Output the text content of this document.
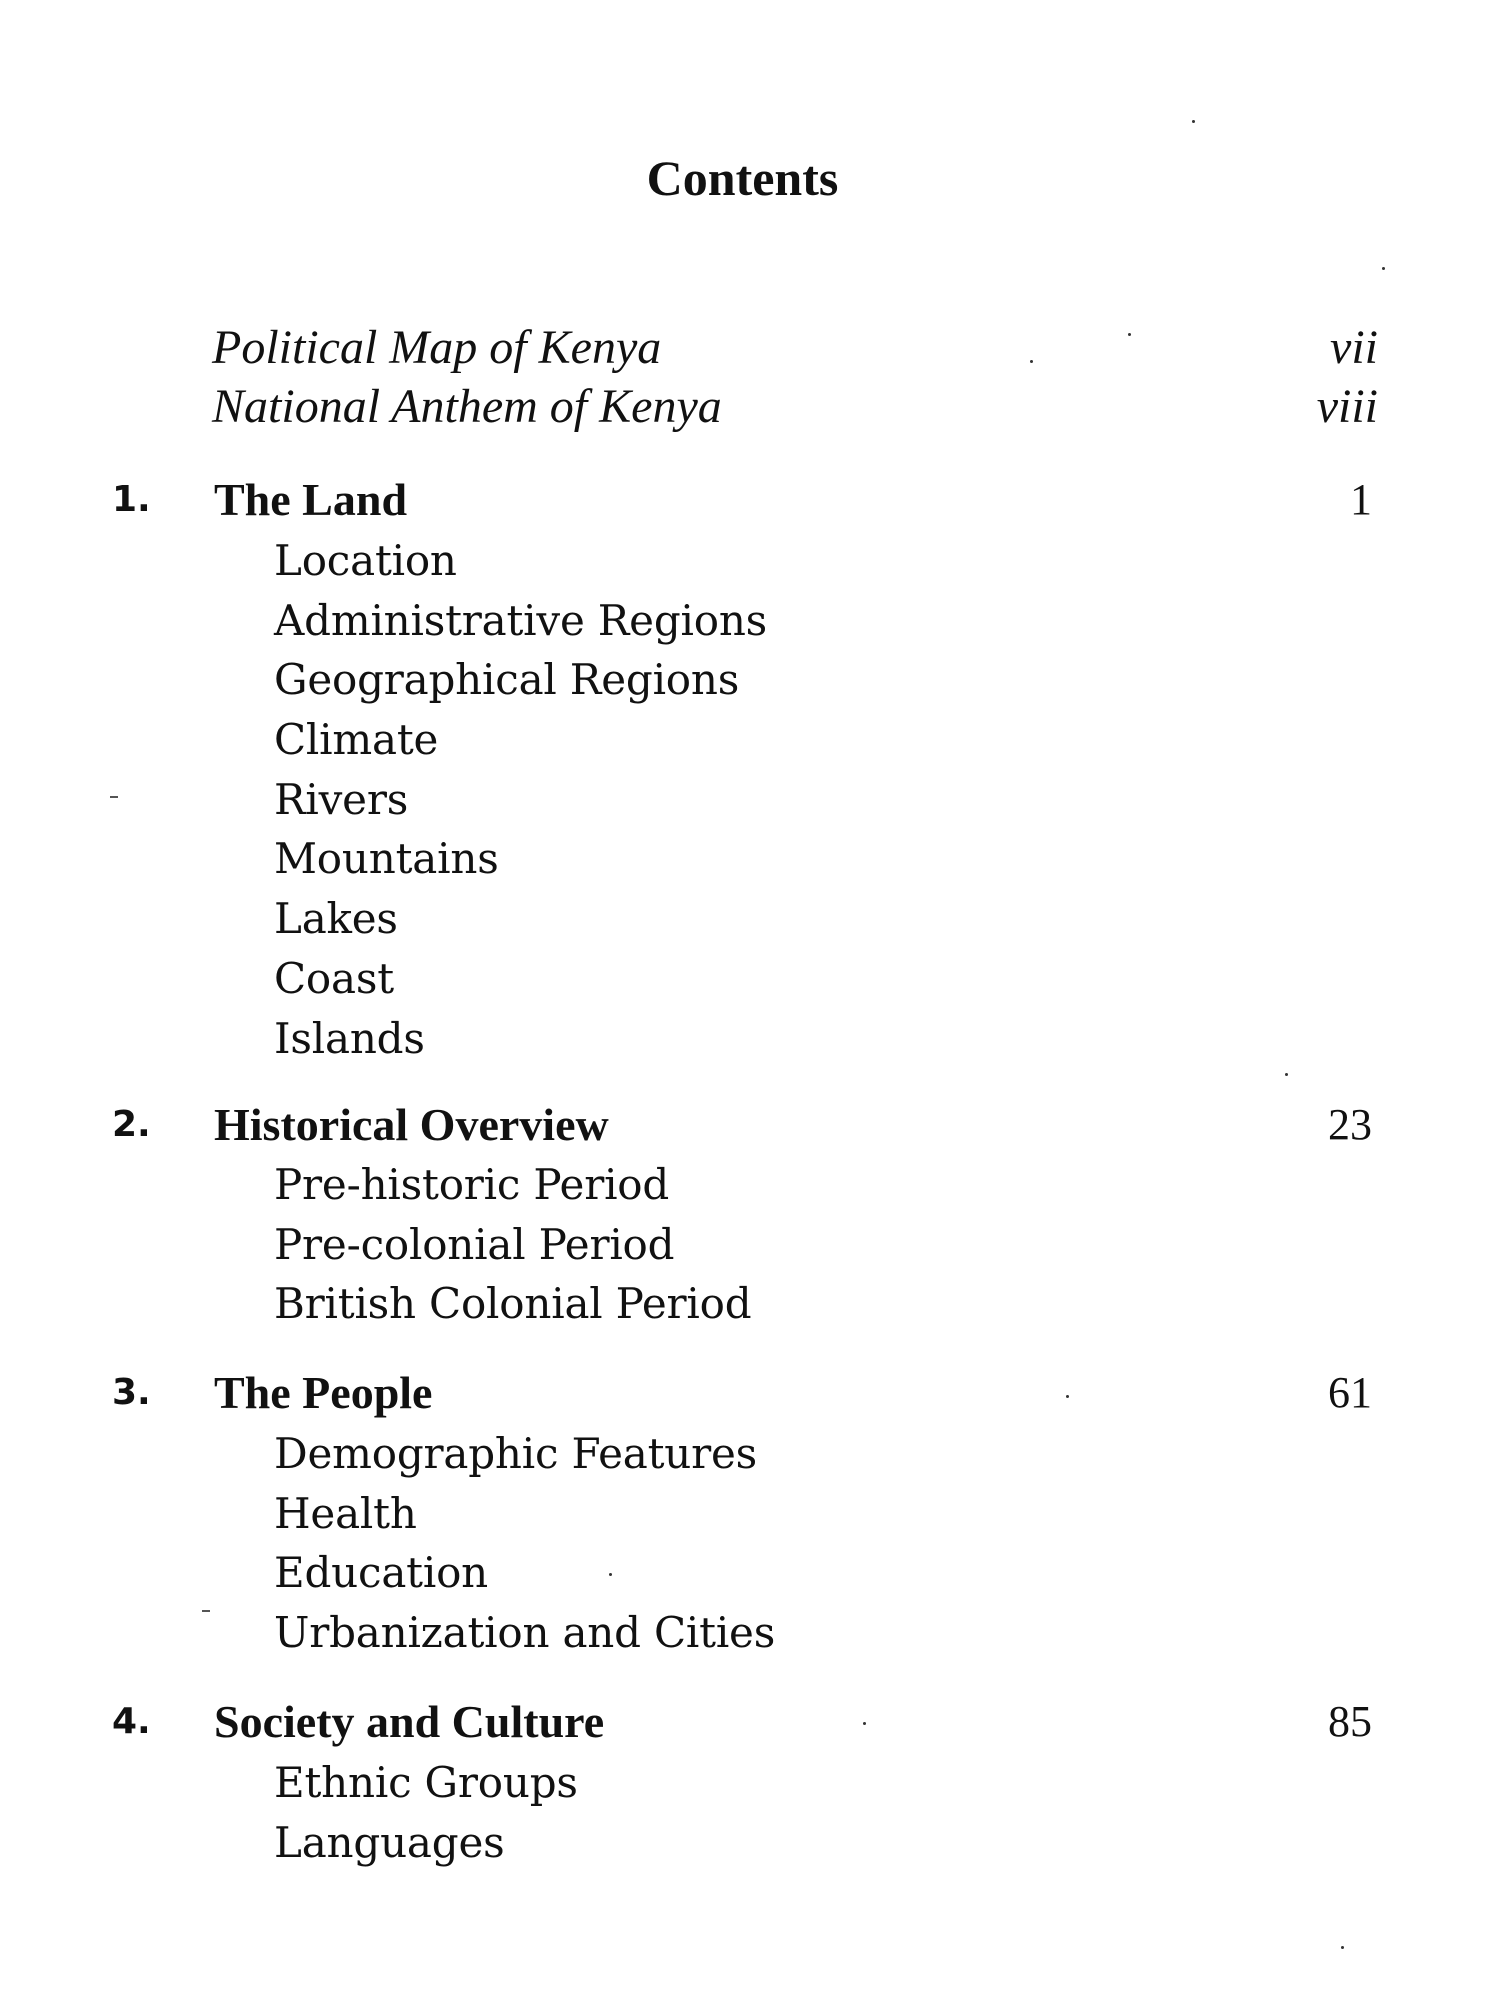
Contents
Political Map of Kenya	vii
National Anthem of Kenya	viii
1. The Land	1
Location
Administrative Regions
Geographical Regions
Climate
Rivers
Mountains
Lakes
Coast
Islands
2. Historical Overview	23
Pre-historic Period
Pre-colonial Period
British Colonial Period
3. The People	61
Demographic Features
Health
Education
Urbanization and Cities
4. Society and Culture	85
Ethnic Groups
Languages
